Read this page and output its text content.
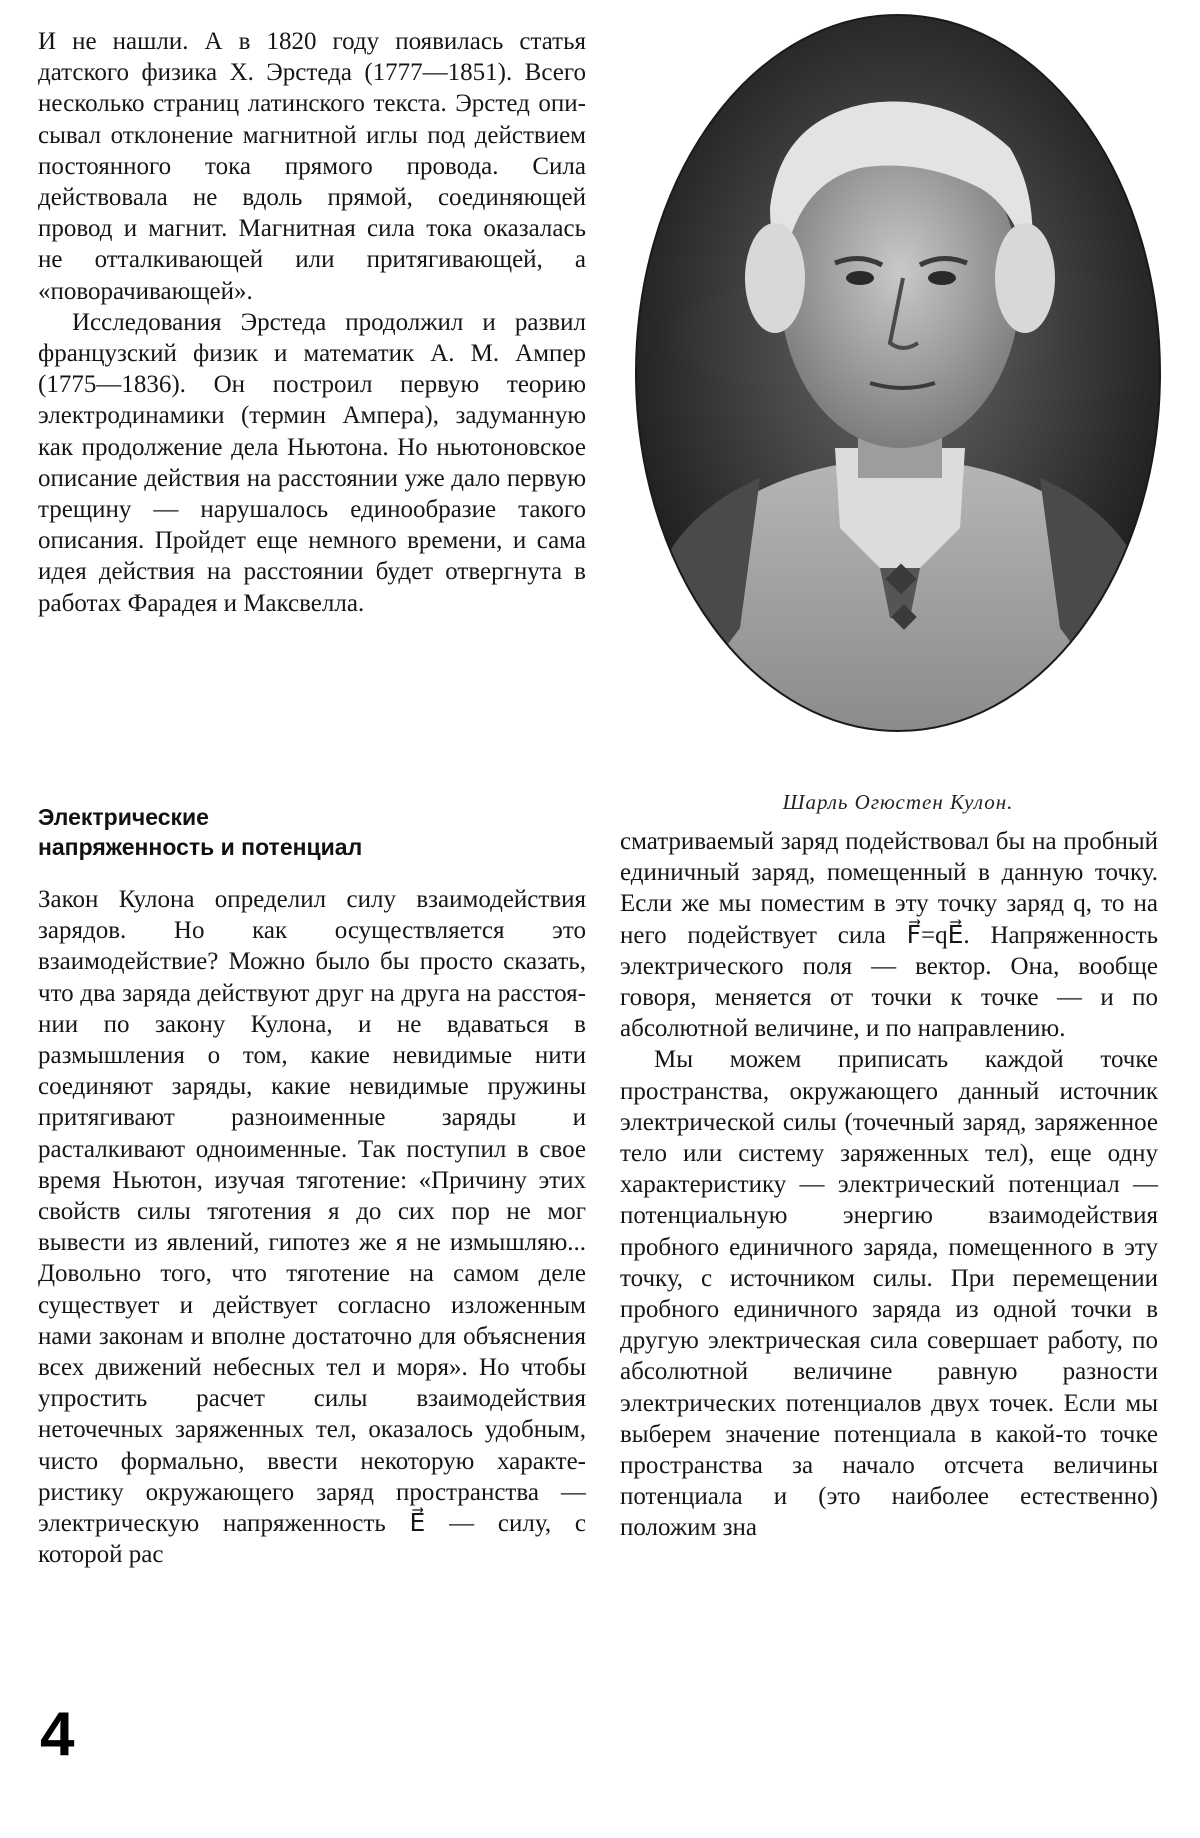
И не нашли. А в 1820 году появилась статья датского физика Х. Эрстеда (1777—1851). Всего несколько страниц латинского текста. Эрстед описывал отклонение магнитной иглы под действием постоянного тока прямого провода. Сила действовала не вдоль прямой, соединяющей провод и магнит. Магнитная сила тока оказалась не отталкивающей или притягивающей, а «поворачивающей».

Исследования Эрстеда продолжил и развил французский физик и математик А. М. Ампер (1775—1836). Он построил первую теорию электродинамики (термин Ампера), задуманную как продолжение дела Ньютона. Но ньютоновское описание действия на расстоянии уже дало первую трещину — нарушалось единообразие такого описания. Пройдет еще немного времени, и сама идея действия на расстоянии будет отвергнута в работах Фарадея и Максвелла.

Шарль Огюстен Кулон.
Электрические
напряженность и потенциал

Закон Кулона определил силу взаимодействия зарядов. Но как осуществляется это взаимодействие? Можно было бы просто сказать, что два заряда действуют друг на друга на расстоянии по закону Кулона, и не вдаваться в размышления о том, какие невидимые нити соединяют заряды, какие невидимые пружины притягивают разноименные заряды и расталкивают одноименные. Так поступил в свое время Ньютон, изучая тяготение: «Причину этих свойств силы тяготения я до сих пор не мог вывести из явлений, гипотез же я не измышляю... Довольно того, что тяготение на самом деле существует и действует согласно изложенным нами законам и вполне достаточно для объяснения всех движений небесных тел и моря». Но чтобы упростить расчет силы взаимодействия неточечных заряженных тел, оказалось удобным, чисто формально, ввести некоторую характеристику окружающего заряд пространства — электрическую напряженность E⃗ — силу, с которой рас

сматриваемый заряд подействовал бы на пробный единичный заряд, помещенный в данную точку. Если же мы поместим в эту точку заряд q, то на него подействует сила F⃗=qE⃗. Напряженность электрического поля — вектор. Она, вообще говоря, меняется от точки к точке — и по абсолютной величине, и по направлению.

Мы можем приписать каждой точке пространства, окружающего данный источник электрической силы (точечный заряд, заряженное тело или систему заряженных тел), еще одну характеристику — электрический потенциал — потенциальную энергию взаимодействия пробного единичного заряда, помещенного в эту точку, с источником силы. При перемещении пробного единичного заряда из одной точки в другую электрическая сила совершает работу, по абсолютной величине равную разности электрических потенциалов двух точек. Если мы выберем значение потенциала в какой-то точке пространства за начало отсчета величины потенциала и (это наиболее естественно) положим зна

4
